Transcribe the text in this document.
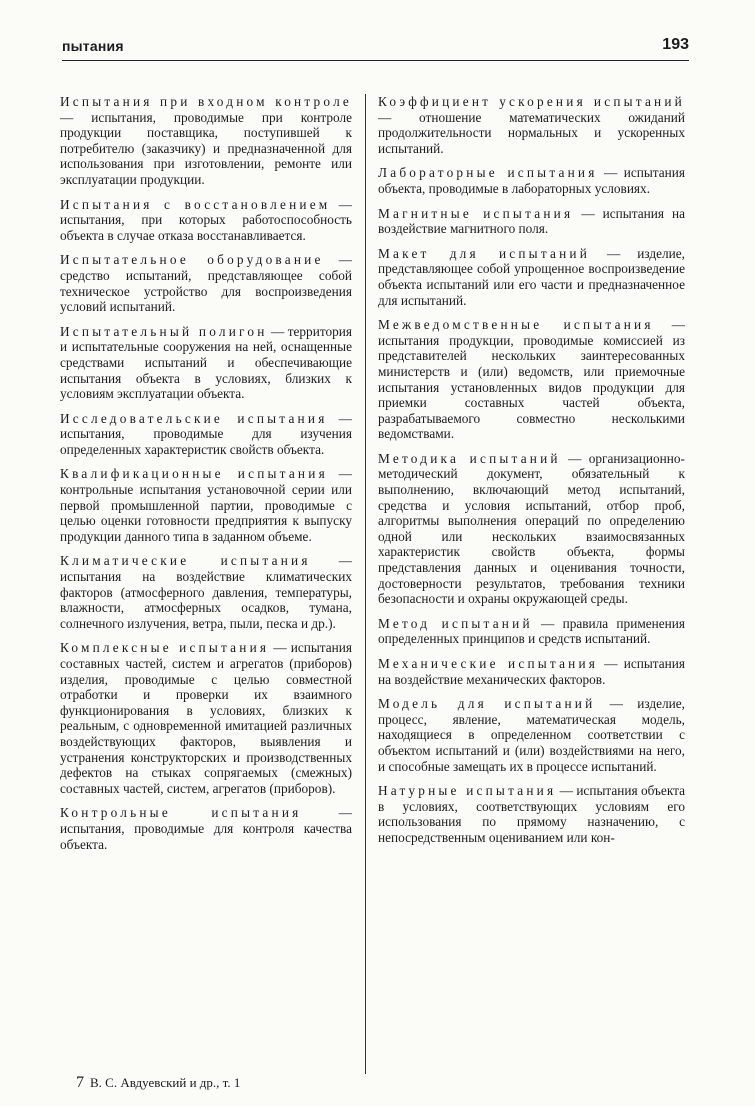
пытания	193

Испытания при входном контроле — испытания, проводимые при контроле продукции поставщика, поступившей к потребителю (заказчику) и предназначенной для использования при изготовлении, ремонте или эксплуатации продукции.

Испытания с восстановлением — испытания, при которых работоспособность объекта в случае отказа восстанавливается.

Испытательное оборудование — средство испытаний, представляющее собой техническое устройство для воспроизведения условий испытаний.

Испытательный полигон — территория и испытательные сооружения на ней, оснащенные средствами испытаний и обеспечивающие испытания объекта в условиях, близких к условиям эксплуатации объекта.

Исследовательские испытания — испытания, проводимые для изучения определенных характеристик свойств объекта.

Квалификационные испытания — контрольные испытания установочной серии или первой промышленной партии, проводимые с целью оценки готовности предприятия к выпуску продукции данного типа в заданном объеме.

Климатические испытания — испытания на воздействие климатических факторов (атмосферного давления, температуры, влажности, атмосферных осадков, тумана, солнечного излучения, ветра, пыли, песка и др.).

Комплексные испытания — испытания составных частей, систем и агрегатов (приборов) изделия, проводимые с целью совместной отработки и проверки их взаимного функционирования в условиях, близких к реальным, с одновременной имитацией различных воздействующих факторов, выявления и устранения конструкторских и производственных дефектов на стыках сопрягаемых (смежных) составных частей, систем, агрегатов (приборов).

Контрольные испытания	— испытания, проводимые для контроля качества объекта.

Коэффициент ускорения испытаний — отношение математических ожиданий продолжительности нормальных и ускоренных испытаний.

Лабораторные испытания — испытания объекта, проводимые в лабораторных условиях.

Магнитные испытания — испытания на воздействие магнитного поля.

Макет для испытаний — изделие, представляющее собой упрощенное воспроизведение объекта испытаний или его части и предназначенное для испытаний.

Межведомственные испытания — испытания продукции, проводимые комиссией из представителей нескольких заинтересованных министерств и (или) ведомств, или приемочные испытания установленных видов продукции для приемки составных частей объекта, разрабатываемого совместно несколькими ведомствами.

Методика испытаний — организационно-методический документ, обязательный к выполнению, включающий метод испытаний, средства и условия испытаний, отбор проб, алгоритмы выполнения операций по определению одной или нескольких взаимосвязанных характеристик свойств объекта, формы представления данных и оценивания точности, достоверности результатов, требования техники безопасности и охраны окружающей среды.

Метод испытаний — правила применения определенных принципов и средств испытаний.

Механические испытания — испытания на воздействие механических факторов.

Модель для испытаний — изделие, процесс, явление, математическая модель, находящиеся в определенном соответствии с объектом испытаний и (или) воздействиями на него, и способные замещать их в процессе испытаний.

Натурные испытания — испытания объекта в условиях, соответствующих условиям его использования по прямому назначению, с непосредственным оцениванием или кон-

7 В. С. Авдуевский и др., т. 1
